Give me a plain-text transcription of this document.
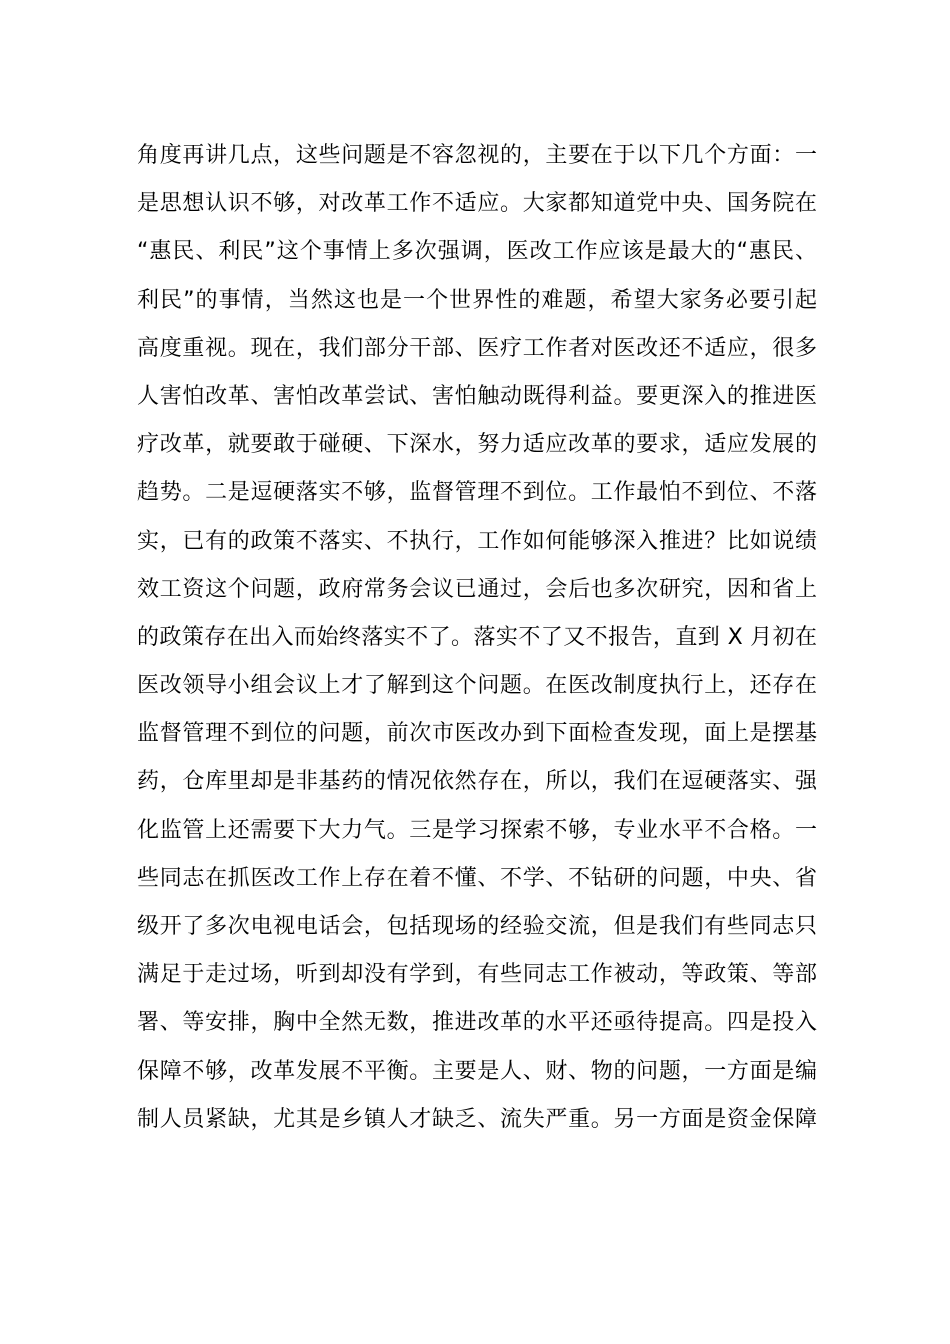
角度再讲几点，这些问题是不容忽视的，主要在于以下几个方面：一
是思想认识不够，对改革工作不适应。大家都知道党中央、国务院在
“惠民、利民”这个事情上多次强调，医改工作应该是最大的“惠民、
利民”的事情，当然这也是一个世界性的难题，希望大家务必要引起
高度重视。现在，我们部分干部、医疗工作者对医改还不适应，很多
人害怕改革、害怕改革尝试、害怕触动既得利益。要更深入的推进医
疗改革，就要敢于碰硬、下深水，努力适应改革的要求，适应发展的
趋势。二是逗硬落实不够，监督管理不到位。工作最怕不到位、不落
实，已有的政策不落实、不执行，工作如何能够深入推进？比如说绩
效工资这个问题，政府常务会议已通过，会后也多次研究，因和省上
的政策存在出入而始终落实不了。落实不了又不报告，直到 X 月初在
医改领导小组会议上才了解到这个问题。在医改制度执行上，还存在
监督管理不到位的问题，前次市医改办到下面检查发现，面上是摆基
药，仓库里却是非基药的情况依然存在，所以，我们在逗硬落实、强
化监管上还需要下大力气。三是学习探索不够，专业水平不合格。一
些同志在抓医改工作上存在着不懂、不学、不钻研的问题，中央、省
级开了多次电视电话会，包括现场的经验交流，但是我们有些同志只
满足于走过场，听到却没有学到，有些同志工作被动，等政策、等部
署、等安排，胸中全然无数，推进改革的水平还亟待提高。四是投入
保障不够，改革发展不平衡。主要是人、财、物的问题，一方面是编
制人员紧缺，尤其是乡镇人才缺乏、流失严重。另一方面是资金保障
